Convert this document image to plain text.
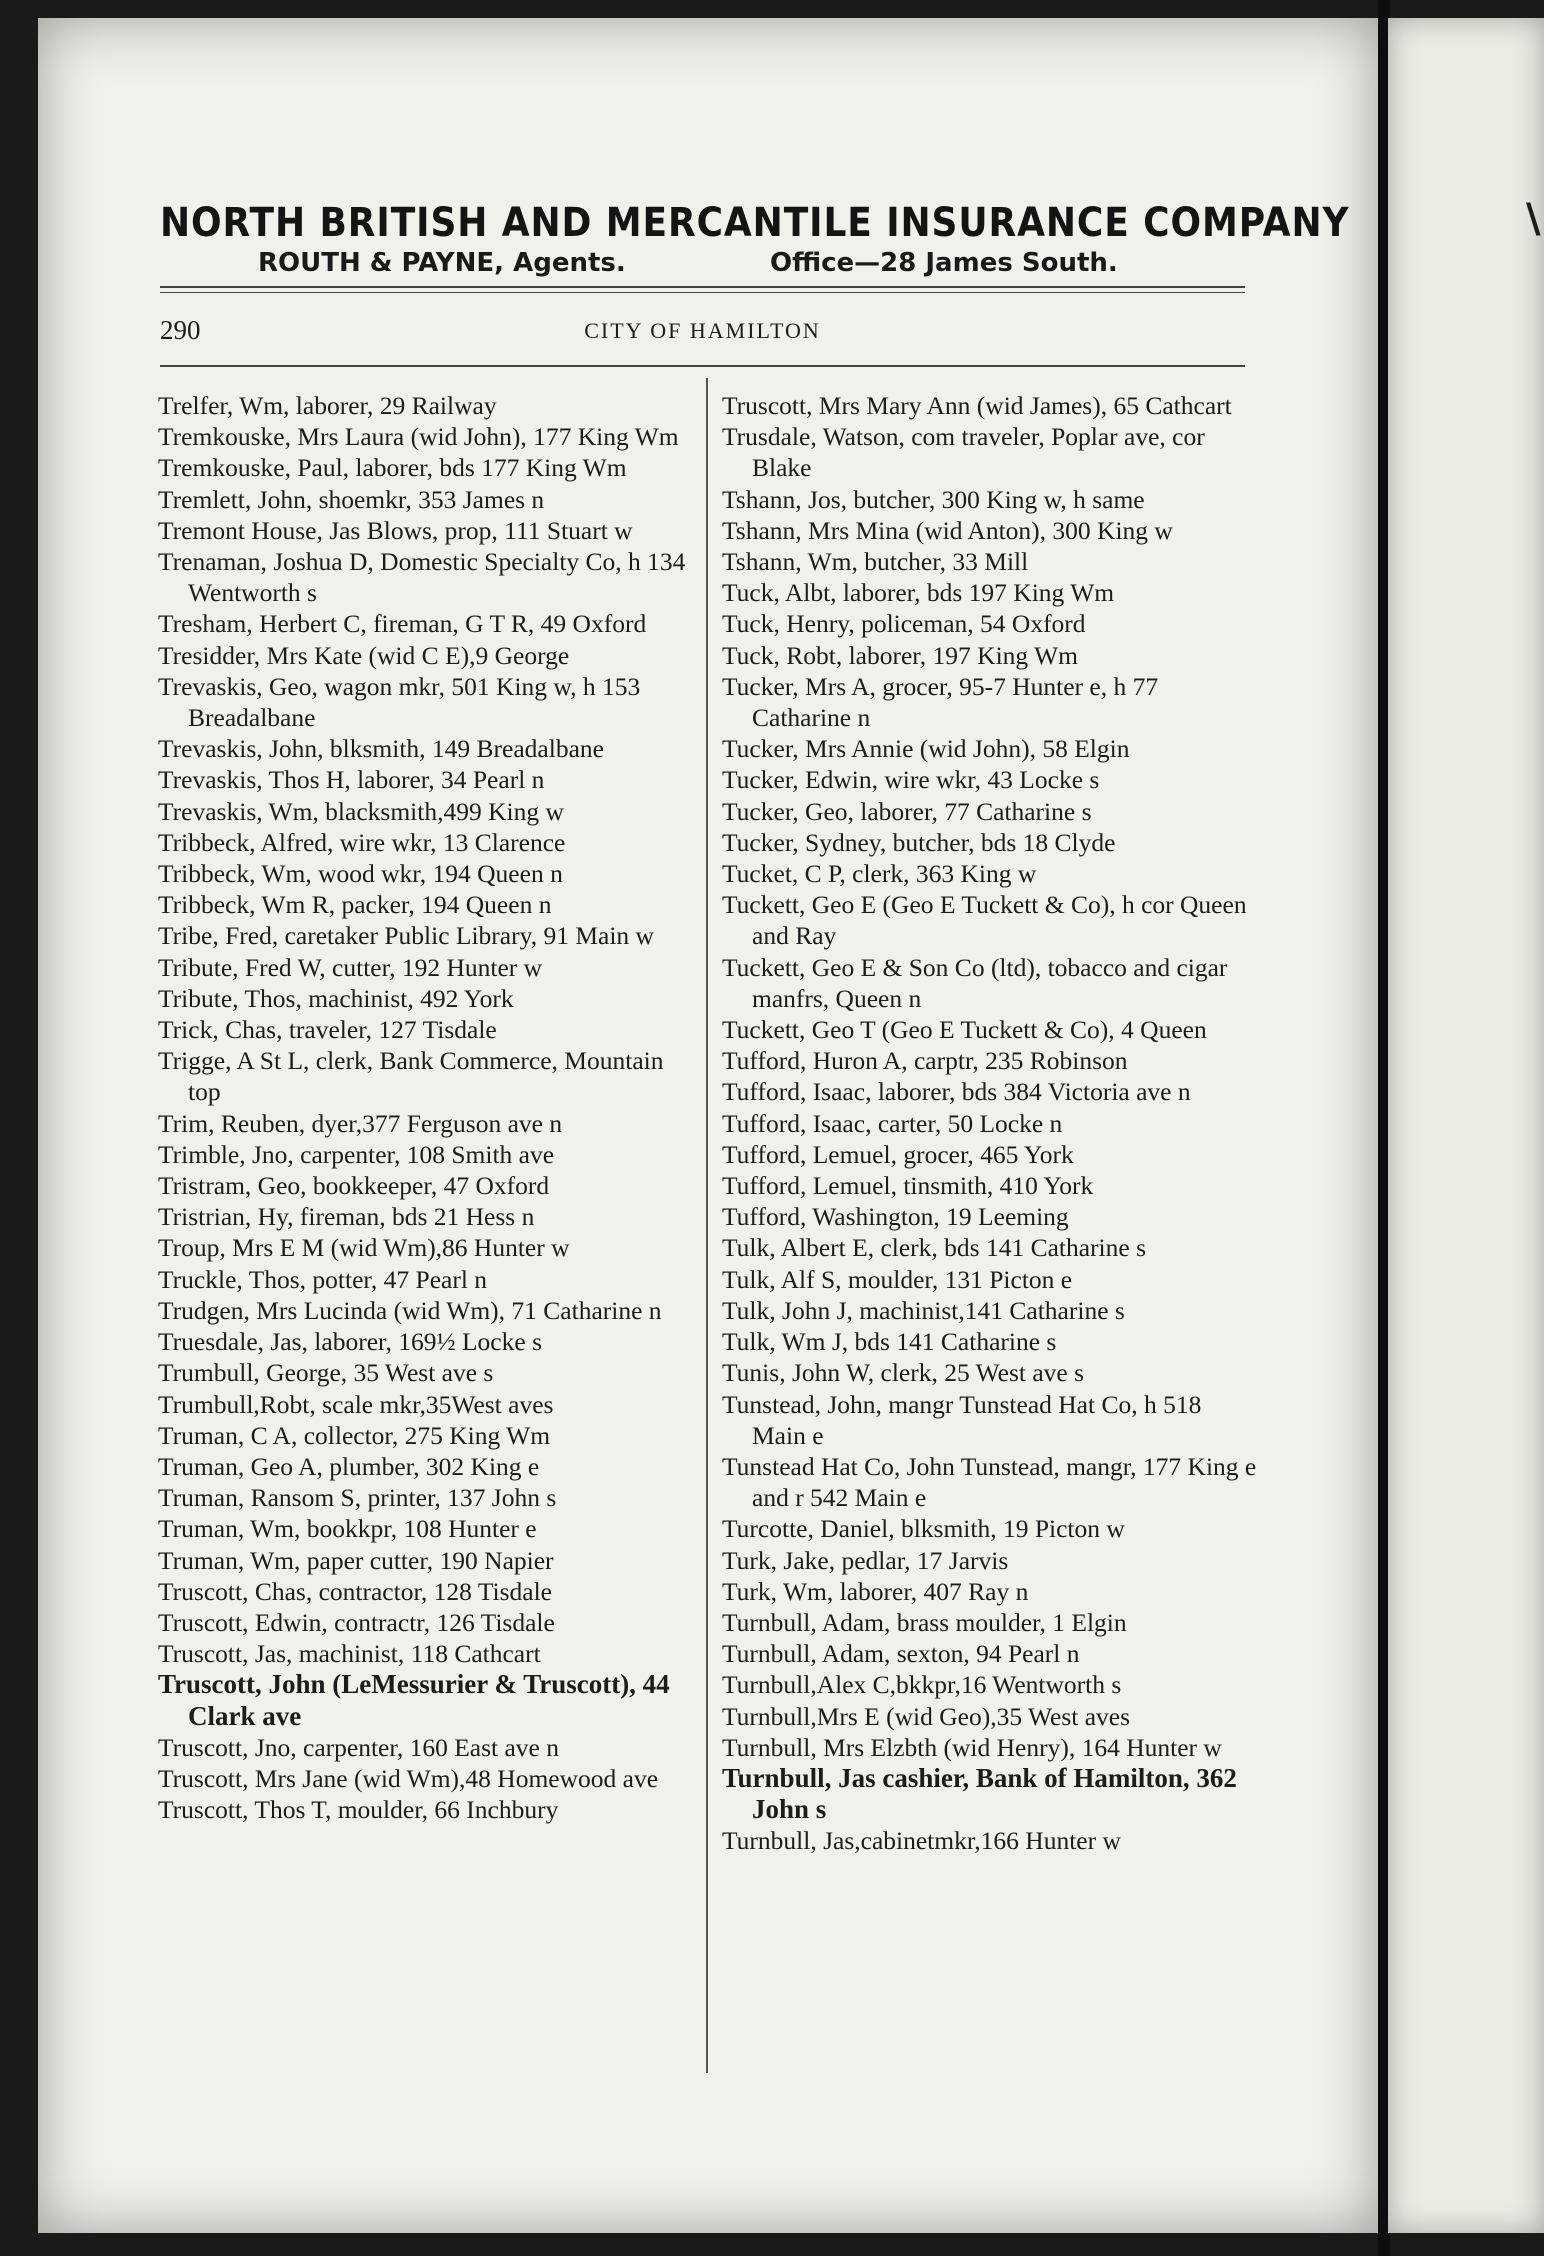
NORTH BRITISH AND MERCANTILE INSURANCE COMPANY
ROUTH & PAYNE, Agents.	Office—28 James South.
290	CITY OF HAMILTON
Trelfer, Wm, laborer, 29 Railway
Tremkouske, Mrs Laura (wid John), 177 King Wm
Tremkouske, Paul, laborer, bds 177 King Wm
Tremlett, John, shoemkr, 353 James n
Tremont House, Jas Blows, prop, 111 Stuart w
Trenaman, Joshua D, Domestic Specialty Co, h 134 Wentworth s
Tresham, Herbert C, fireman, G T R, 49 Oxford
Tresidder, Mrs Kate (wid C E),9 George
Trevaskis, Geo, wagon mkr, 501 King w, h 153 Breadalbane
Trevaskis, John, blksmith, 149 Breadalbane
Trevaskis, Thos H, laborer, 34 Pearl n
Trevaskis, Wm, blacksmith,499 King w
Tribbeck, Alfred, wire wkr, 13 Clarence
Tribbeck, Wm, wood wkr, 194 Queen n
Tribbeck, Wm R, packer, 194 Queen n
Tribe, Fred, caretaker Public Library, 91 Main w
Tribute, Fred W, cutter, 192 Hunter w
Tribute, Thos, machinist, 492 York
Trick, Chas, traveler, 127 Tisdale
Trigge, A St L, clerk, Bank Commerce, Mountain top
Trim, Reuben, dyer,377 Ferguson ave n
Trimble, Jno, carpenter, 108 Smith ave
Tristram, Geo, bookkeeper, 47 Oxford
Tristrian, Hy, fireman, bds 21 Hess n
Troup, Mrs E M (wid Wm),86 Hunter w
Truckle, Thos, potter, 47 Pearl n
Trudgen, Mrs Lucinda (wid Wm), 71 Catharine n
Truesdale, Jas, laborer, 169½ Locke s
Trumbull, George, 35 West ave s
Trumbull,Robt, scale mkr,35West aves
Truman, C A, collector, 275 King Wm
Truman, Geo A, plumber, 302 King e
Truman, Ransom S, printer, 137 John s
Truman, Wm, bookkpr, 108 Hunter e
Truman, Wm, paper cutter, 190 Napier
Truscott, Chas, contractor, 128 Tisdale
Truscott, Edwin, contractr, 126 Tisdale
Truscott, Jas, machinist, 118 Cathcart
Truscott, John (LeMessurier & Truscott), 44 Clark ave
Truscott, Jno, carpenter, 160 East ave n
Truscott, Mrs Jane (wid Wm),48 Homewood ave
Truscott, Thos T, moulder, 66 Inchbury
Truscott, Mrs Mary Ann (wid James), 65 Cathcart
Trusdale, Watson, com traveler, Poplar ave, cor Blake
Tshann, Jos, butcher, 300 King w, h same
Tshann, Mrs Mina (wid Anton), 300 King w
Tshann, Wm, butcher, 33 Mill
Tuck, Albt, laborer, bds 197 King Wm
Tuck, Henry, policeman, 54 Oxford
Tuck, Robt, laborer, 197 King Wm
Tucker, Mrs A, grocer, 95-7 Hunter e, h 77 Catharine n
Tucker, Mrs Annie (wid John), 58 Elgin
Tucker, Edwin, wire wkr, 43 Locke s
Tucker, Geo, laborer, 77 Catharine s
Tucker, Sydney, butcher, bds 18 Clyde
Tucket, C P, clerk, 363 King w
Tuckett, Geo E (Geo E Tuckett & Co), h cor Queen and Ray
Tuckett, Geo E & Son Co (ltd), tobacco and cigar manfrs, Queen n
Tuckett, Geo T (Geo E Tuckett & Co), 4 Queen
Tufford, Huron A, carptr, 235 Robinson
Tufford, Isaac, laborer, bds 384 Victoria ave n
Tufford, Isaac, carter, 50 Locke n
Tufford, Lemuel, grocer, 465 York
Tufford, Lemuel, tinsmith, 410 York
Tufford, Washington, 19 Leeming
Tulk, Albert E, clerk, bds 141 Catharine s
Tulk, Alf S, moulder, 131 Picton e
Tulk, John J, machinist,141 Catharine s
Tulk, Wm J, bds 141 Catharine s
Tunis, John W, clerk, 25 West ave s
Tunstead, John, mangr Tunstead Hat Co, h 518 Main e
Tunstead Hat Co, John Tunstead, mangr, 177 King e and r 542 Main e
Turcotte, Daniel, blksmith, 19 Picton w
Turk, Jake, pedlar, 17 Jarvis
Turk, Wm, laborer, 407 Ray n
Turnbull, Adam, brass moulder, 1 Elgin
Turnbull, Adam, sexton, 94 Pearl n
Turnbull,Alex C,bkkpr,16 Wentworth s
Turnbull,Mrs E (wid Geo),35 West aves
Turnbull, Mrs Elzbth (wid Henry), 164 Hunter w
Turnbull, Jas cashier, Bank of Hamilton, 362 John s
Turnbull, Jas,cabinetmkr,166 Hunter w
\
